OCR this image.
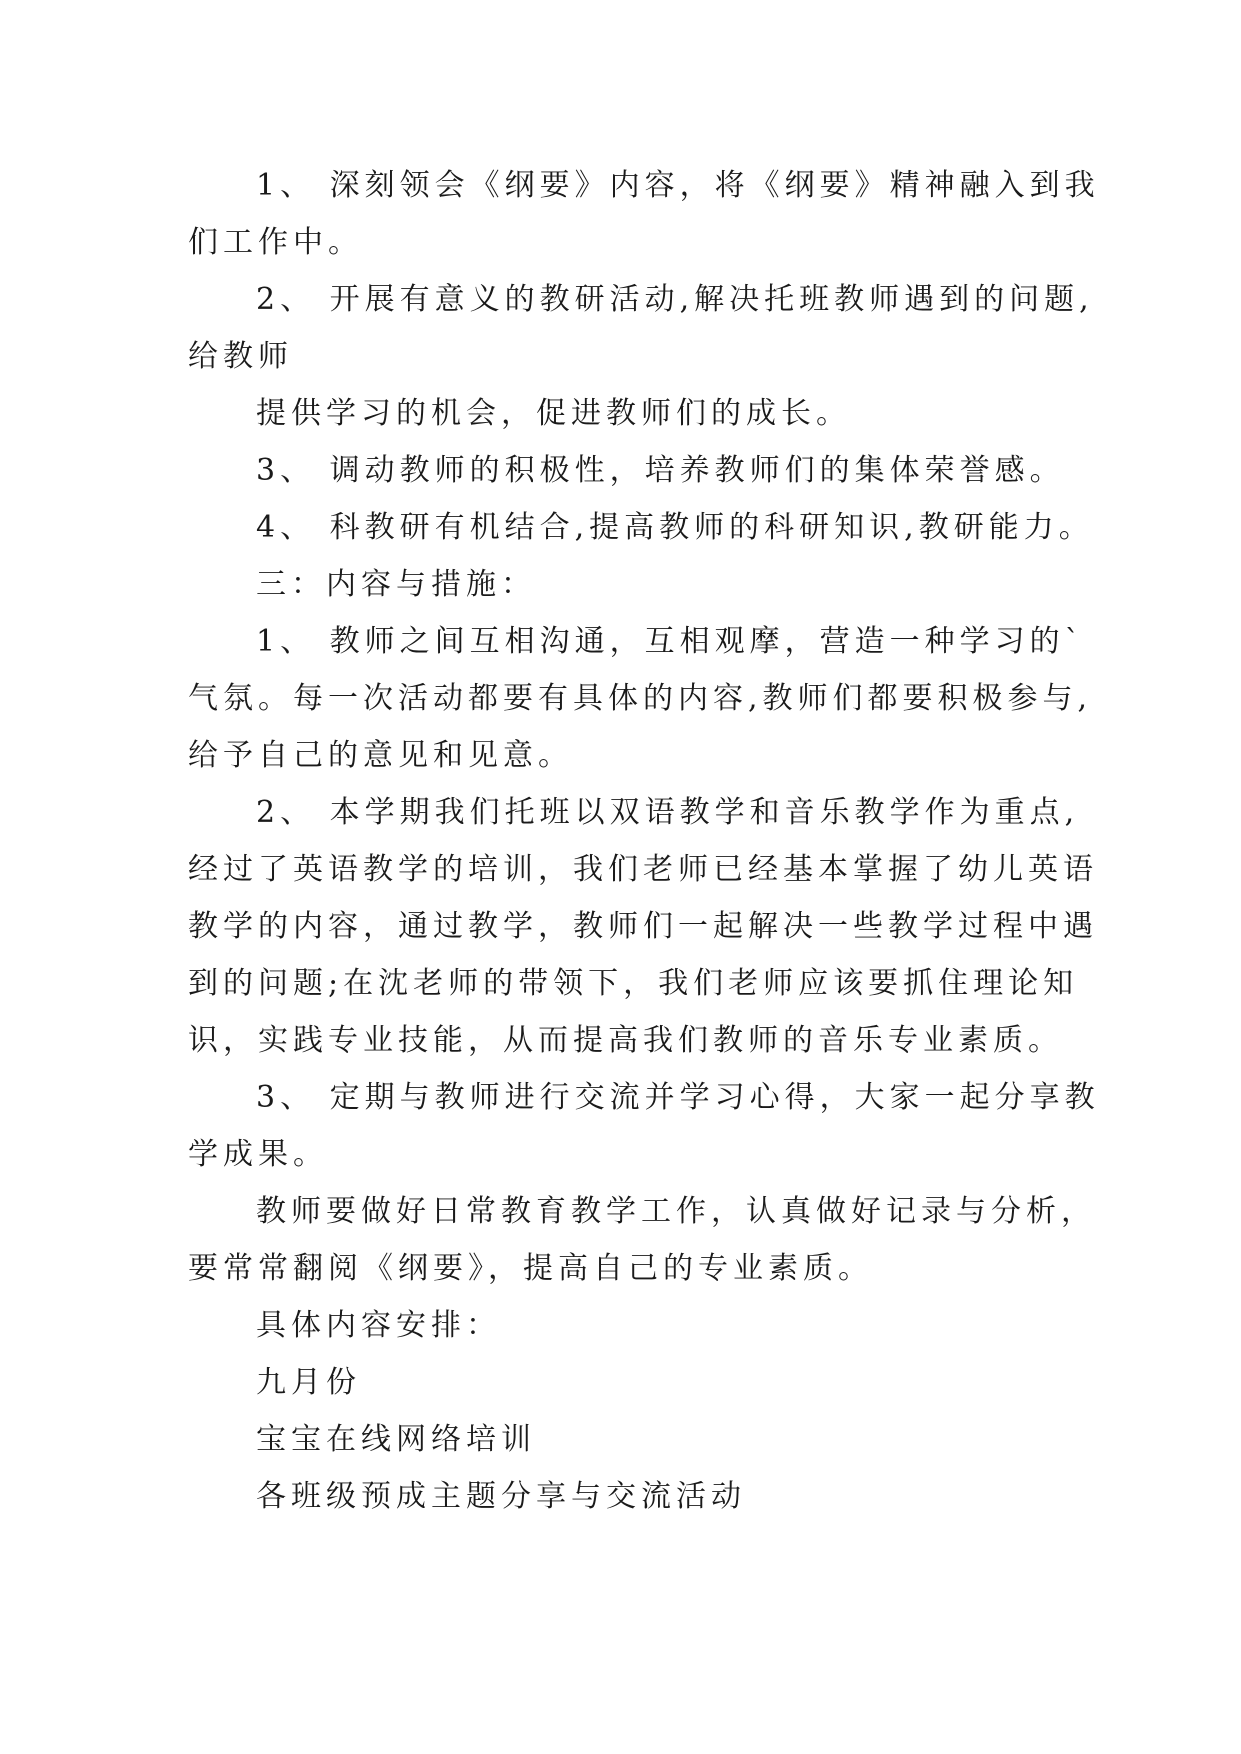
1、 深刻领会《纲要》内容，将《纲要》精神融入到我
们工作中。
2、 开展有意义的教研活动,解决托班教师遇到的问题,
给教师
提供学习的机会，促进教师们的成长。
3、 调动教师的积极性，培养教师们的集体荣誉感。
4、 科教研有机结合,提高教师的科研知识,教研能力。
三：内容与措施：
1、 教师之间互相沟通，互相观摩，营造一种学习的`
气氛。每一次活动都要有具体的内容,教师们都要积极参与,
给予自己的意见和见意。
2、 本学期我们托班以双语教学和音乐教学作为重点,
经过了英语教学的培训，我们老师已经基本掌握了幼儿英语
教学的内容，通过教学，教师们一起解决一些教学过程中遇
到的问题;在沈老师的带领下，我们老师应该要抓住理论知
识，实践专业技能，从而提高我们教师的音乐专业素质。
3、 定期与教师进行交流并学习心得，大家一起分享教
学成果。
教师要做好日常教育教学工作，认真做好记录与分析，
要常常翻阅《纲要》，提高自己的专业素质。
具体内容安排：
九月份
宝宝在线网络培训
各班级预成主题分享与交流活动
